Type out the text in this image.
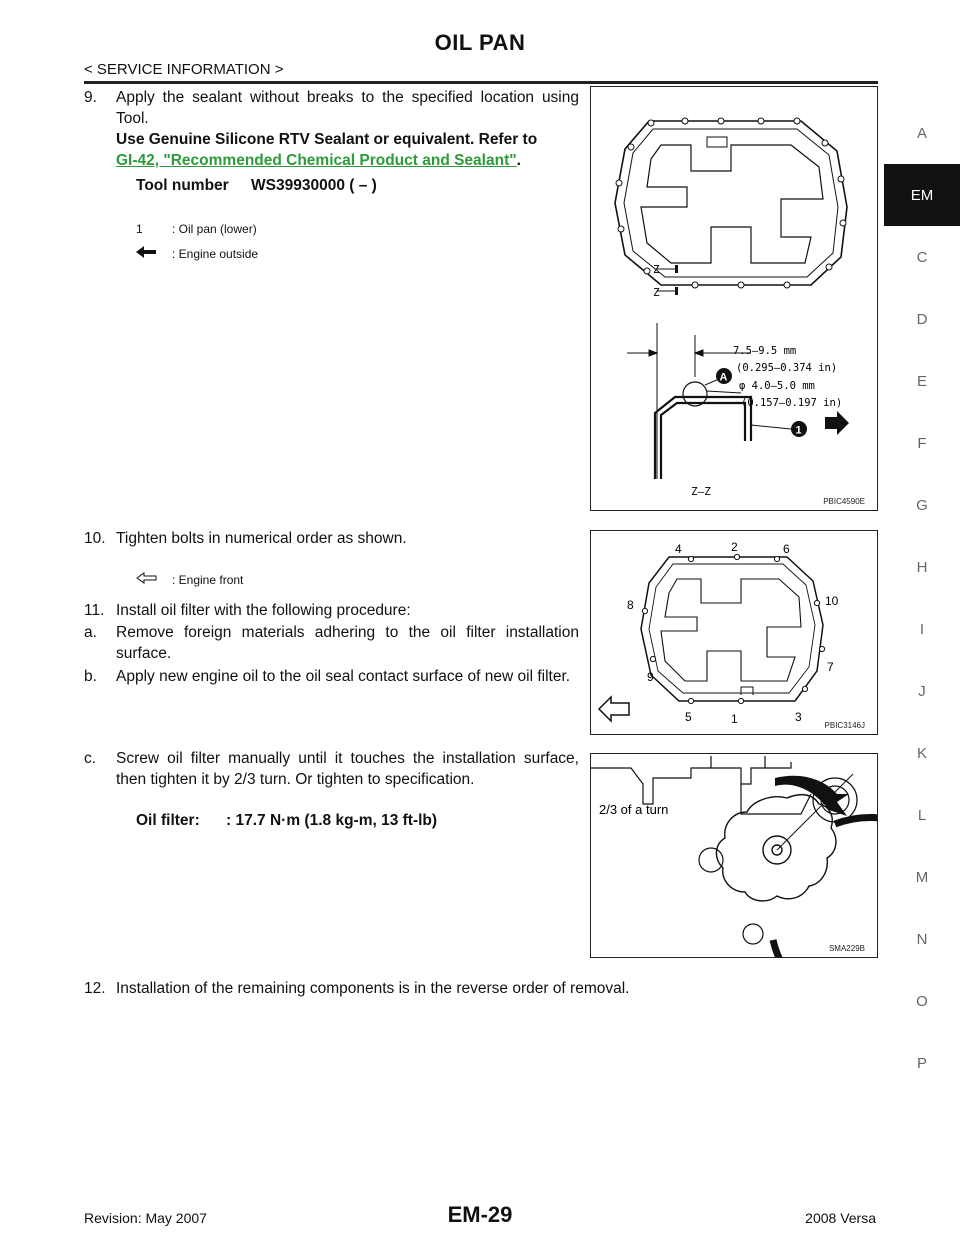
OIL PAN
< SERVICE INFORMATION >
A
EM
C
D
E
F
G
H
I
J
K
L
M
N
O
P
9. Apply the sealant without breaks to the specified location using Tool.
Use Genuine Silicone RTV Sealant or equivalent. Refer to
GI-42, "Recommended Chemical Product and Sealant".
Tool number WS39930000 ( – )
1	: Oil pan (lower)
: Engine outside
Z
Z
7.5–9.5 mm
(0.295–0.374 in)
φ 4.0–5.0 mm
(0.157–0.197 in)
A
1
Z–Z
PBIC4590E
10. Tighten bolts in numerical order as shown.
: Engine front
11. Install oil filter with the following procedure:
a. Remove foreign materials adhering to the oil filter installation surface.
b. Apply new engine oil to the oil seal contact surface of new oil filter.
1
2
3
4
5
6
7
8
9
10
PBIC3146J
c. Screw oil filter manually until it touches the installation surface, then tighten it by 2/3 turn. Or tighten to specification.
Oil filter: : 17.7 N·m (1.8 kg-m, 13 ft-lb)
2/3 of a turn
SMA229B
12. Installation of the remaining components is in the reverse order of removal.
Revision: May 2007	EM-29	2008 Versa
